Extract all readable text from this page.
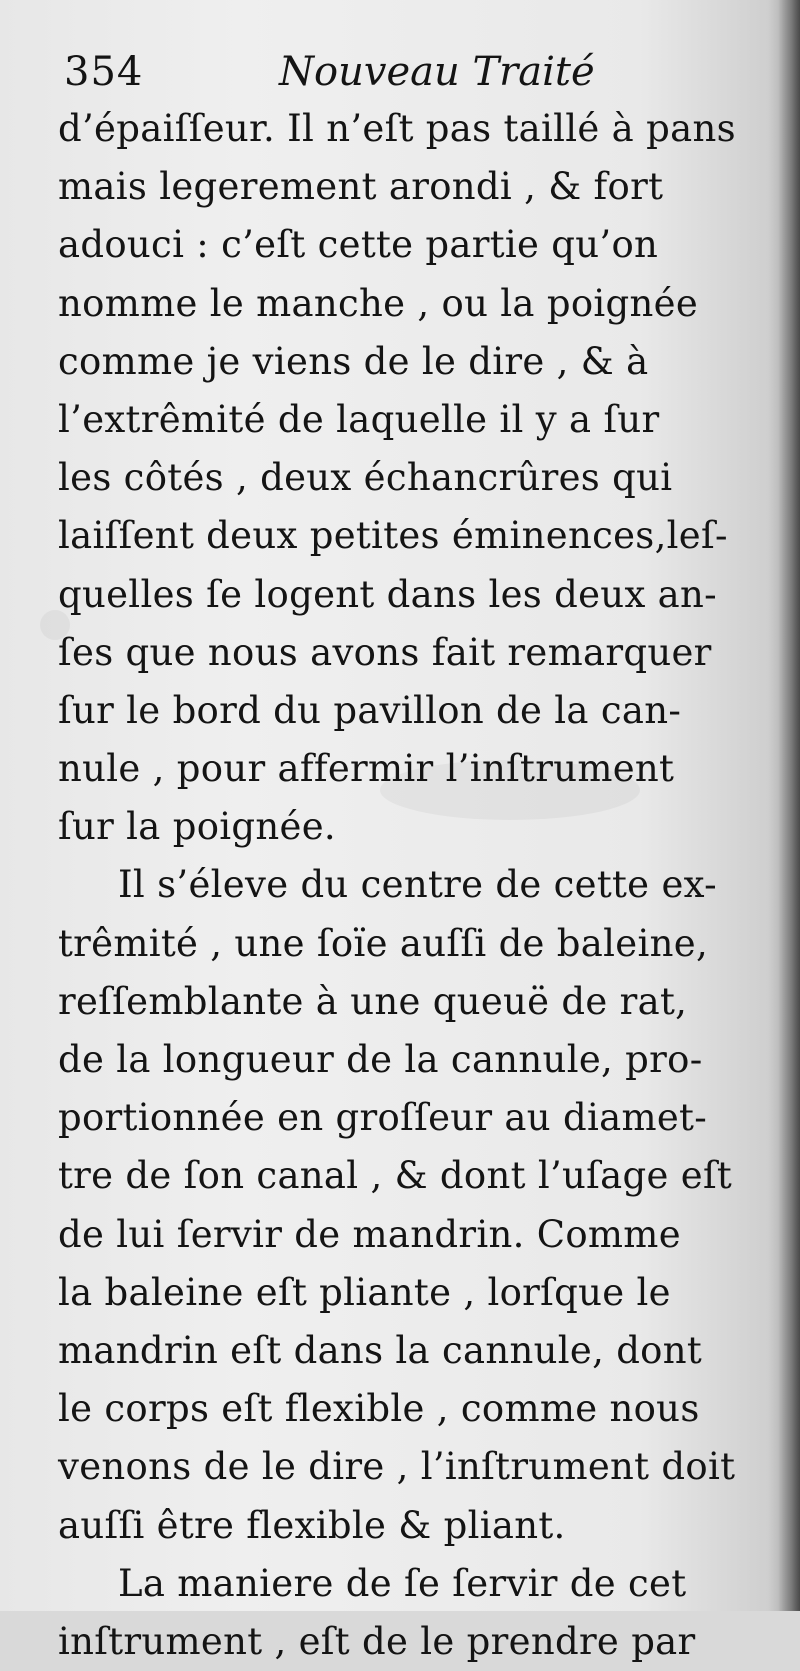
354	Nouveau Traité
d’épaiſſeur. Il n’eſt pas taillé à pans
mais legerement arondi , & fort
adouci : c’eſt cette partie qu’on
nomme le manche , ou la poignée
comme je viens de le dire , & à
l’extrêmité de laquelle il y a ſur
les côtés , deux échancrûres qui
laiſſent deux petites éminences,leſ-
quelles ſe logent dans les deux an-
ſes que nous avons fait remarquer
ſur le bord du pavillon de la can-
nule , pour affermir l’inſtrument
ſur la poignée.
Il s’éleve du centre de cette ex-
trêmité , une ſoïe auſſi de baleine,
reſſemblante à une queuë de rat,
de la longueur de la cannule, pro-
portionnée en groſſeur au diamet-
tre de ſon canal , & dont l’uſage eſt
de lui ſervir de mandrin. Comme
la baleine eſt pliante , lorſque le
mandrin eſt dans la cannule, dont
le corps eſt flexible , comme nous
venons de le dire , l’inſtrument doit
auſſi être flexible & pliant.
La maniere de ſe ſervir de cet
inſtrument , eſt de le prendre par
